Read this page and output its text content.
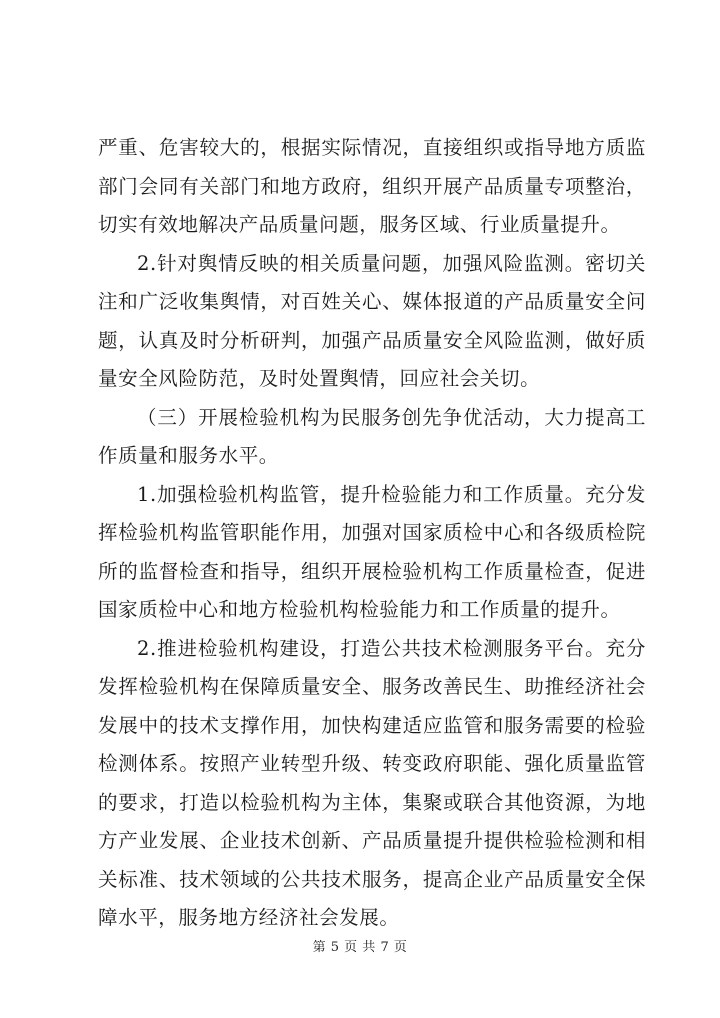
严重、危害较大的，根据实际情况，直接组织或指导地方质监部门会同有关部门和地方政府，组织开展产品质量专项整治，切实有效地解决产品质量问题，服务区域、行业质量提升。

2.针对舆情反映的相关质量问题，加强风险监测。密切关注和广泛收集舆情，对百姓关心、媒体报道的产品质量安全问题，认真及时分析研判，加强产品质量安全风险监测，做好质量安全风险防范，及时处置舆情，回应社会关切。

（三）开展检验机构为民服务创先争优活动，大力提高工作质量和服务水平。

1.加强检验机构监管，提升检验能力和工作质量。充分发挥检验机构监管职能作用，加强对国家质检中心和各级质检院所的监督检查和指导，组织开展检验机构工作质量检查，促进国家质检中心和地方检验机构检验能力和工作质量的提升。

2.推进检验机构建设，打造公共技术检测服务平台。充分发挥检验机构在保障质量安全、服务改善民生、助推经济社会发展中的技术支撑作用，加快构建适应监管和服务需要的检验检测体系。按照产业转型升级、转变政府职能、强化质量监管的要求，打造以检验机构为主体，集聚或联合其他资源，为地方产业发展、企业技术创新、产品质量提升提供检验检测和相关标准、技术领域的公共技术服务，提高企业产品质量安全保障水平，服务地方经济社会发展。

第 5 页 共 7 页
